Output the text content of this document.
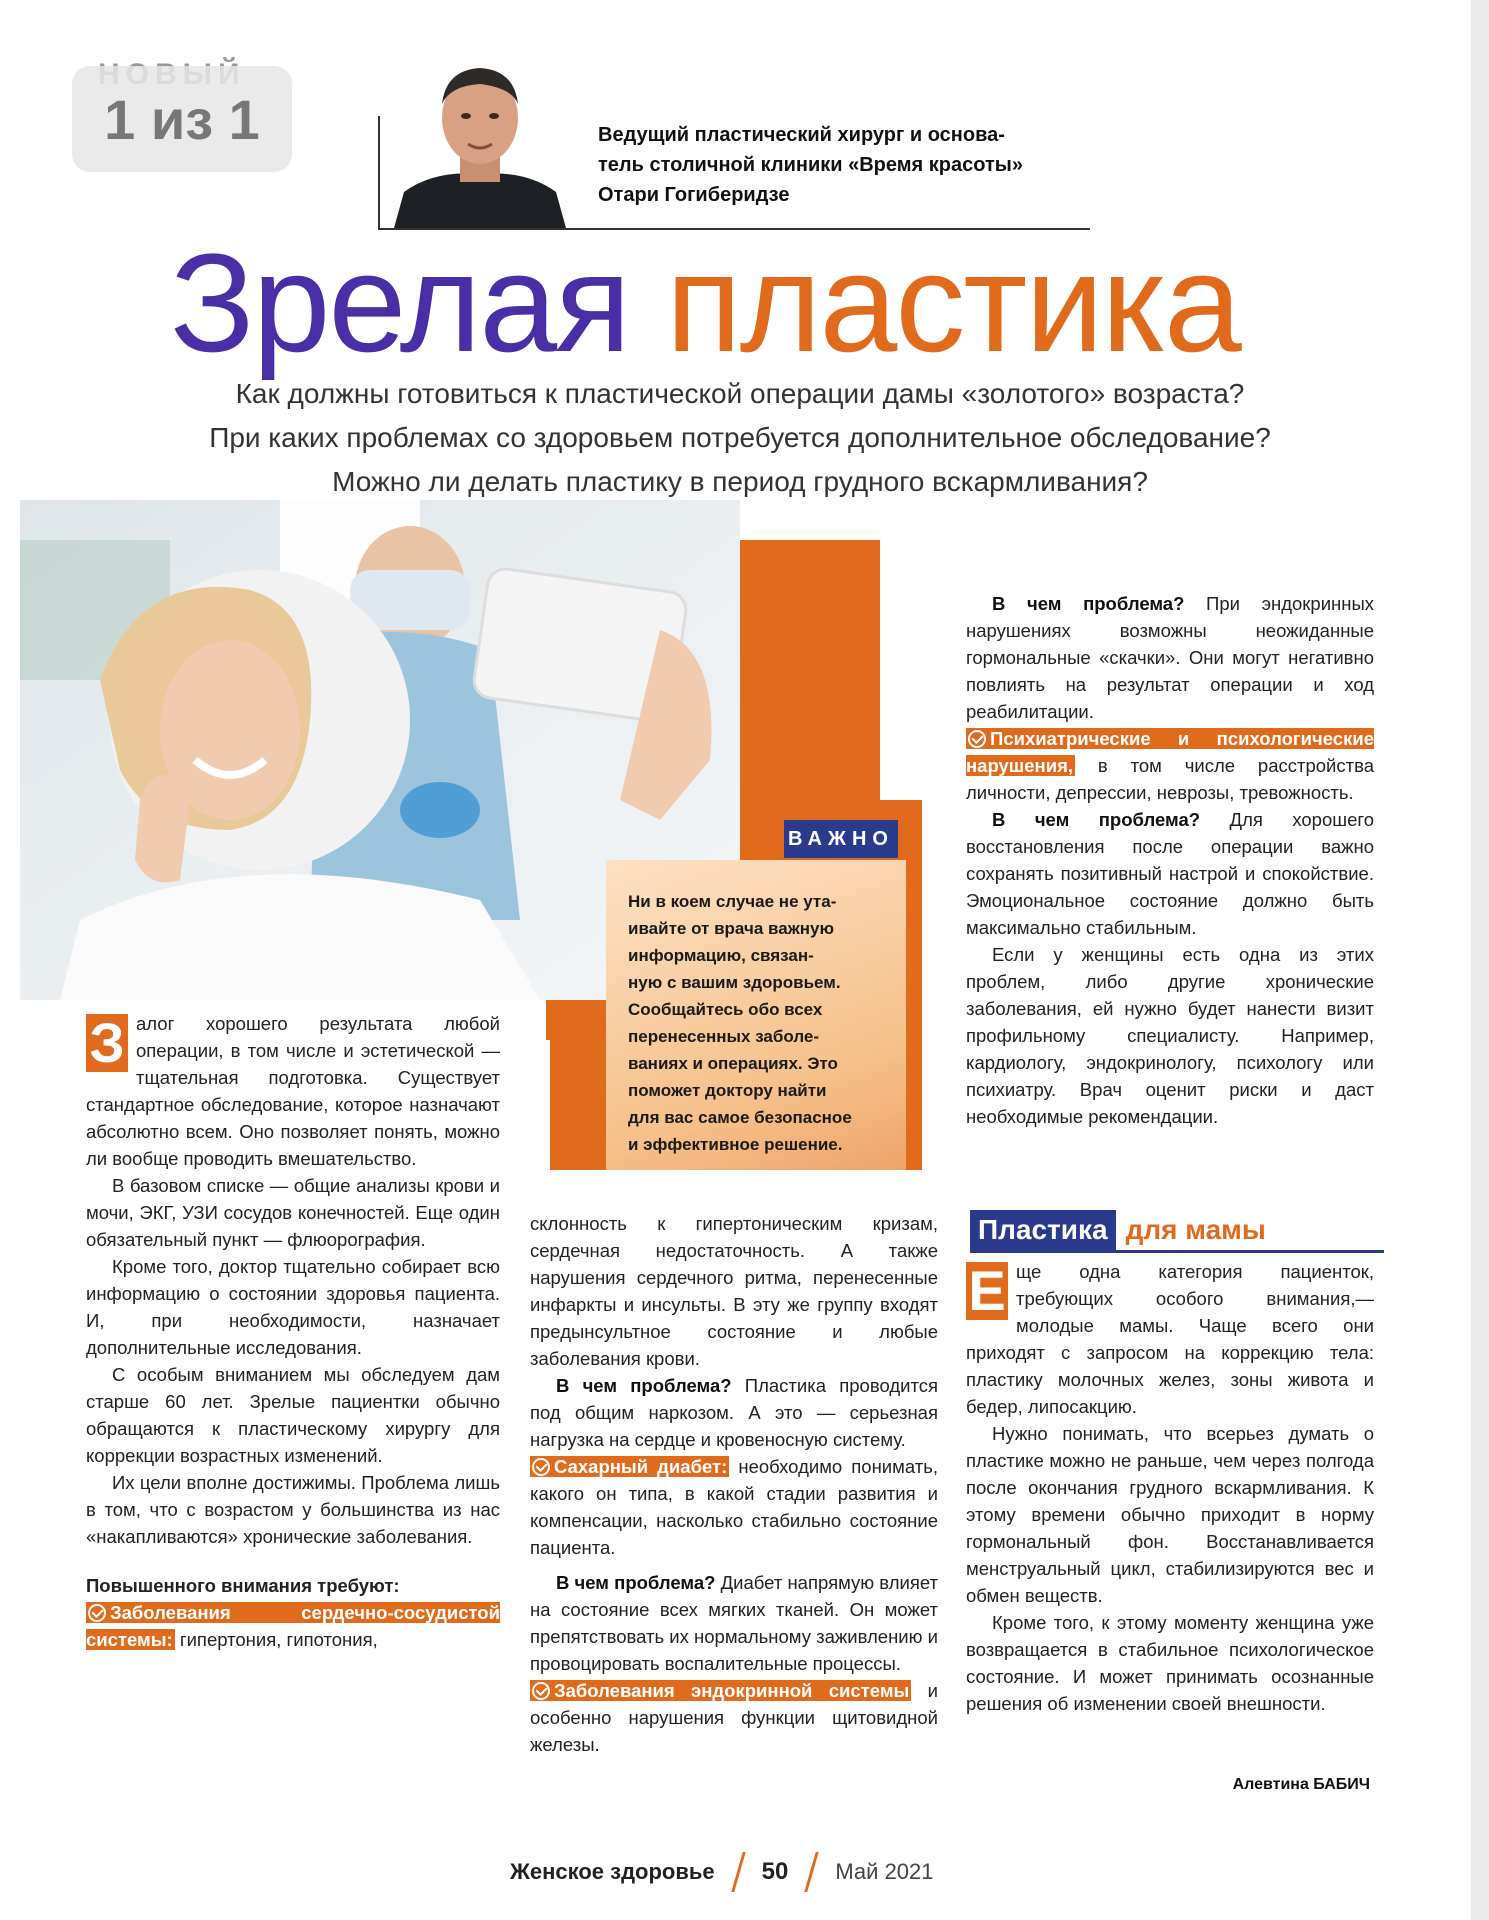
Ведущий пластический хирург и основа-
тель столичной клиники «Время красоты»
Отари Гогиберидзе
Зрелая пластика
Как должны готовиться к пластической операции дамы «золотого» возраста?
При каких проблемах со здоровьем потребуется дополнительное обследование?
Можно ли делать пластику в период грудного вскармливания?
ВАЖНО
Ни в коем случае не ута-
ивайте от врача важную
информацию, связан-
ную с вашим здоровьем.
Сообщайтесь обо всех
перенесенных заболе-
ваниях и операциях. Это
поможет доктору найти
для вас самое безопасное
и эффективное решение.

З алог хорошего результата любой операции, в том числе и эстетической — тщательная подготовка. Существует стандартное обследование, которое назначают абсолютно всем. Оно позволяет понять, можно ли вообще проводить вмешательство.

В базовом списке — общие анализы крови и мочи, ЭКГ, УЗИ сосудов конечностей. Еще один обязательный пункт — флюорография.

Кроме того, доктор тщательно собирает всю информацию о состоянии здоровья пациента. И, при необходимости, назначает дополнительные исследования.

С особым вниманием мы обследуем дам старше 60 лет. Зрелые пациентки обычно обращаются к пластическому хирургу для коррекции возрастных изменений.

Их цели вполне достижимы. Проблема лишь в том, что с возрастом у большинства из нас «накапливаются» хронические заболевания.

Повышенного внимания требуют:

Заболевания сердечно-сосудистой системы: гипертония, гипотония,

склонность к гипертоническим кризам, сердечная недостаточность. А также нарушения сердечного ритма, перенесенные инфаркты и инсульты. В эту же группу входят предынсультное состояние и любые заболевания крови.

В чем проблема? Пластика проводится под общим наркозом. А это — серьезная нагрузка на сердце и кровеносную систему.

Сахарный диабет: необходимо понимать, какого он типа, в какой стадии развития и компенсации, насколько стабильно состояние пациента.

В чем проблема? Диабет напрямую влияет на состояние всех мягких тканей. Он может препятствовать их нормальному заживлению и провоцировать воспалительные процессы.

Заболевания эндокринной системы и особенно нарушения функции щитовидной железы.

В чем проблема? При эндокринных нарушениях возможны неожиданные гормональные «скачки». Они могут негативно повлиять на результат операции и ход реабилитации.

Психиатрические и психологические нарушения, в том числе расстройства личности, депрессии, неврозы, тревожность.

В чем проблема? Для хорошего восстановления после операции важно сохранять позитивный настрой и спокойствие. Эмоциональное состояние должно быть максимально стабильным.

Если у женщины есть одна из этих проблем, либо другие хронические заболевания, ей нужно будет нанести визит профильному специалисту. Например, кардиологу, эндокринологу, психологу или психиатру. Врач оценит риски и даст необходимые рекомендации.

Пластика для мамы

Е ще одна категория пациенток, требующих особого внимания,— молодые мамы. Чаще всего они приходят с запросом на коррекцию тела: пластику молочных желез, зоны живота и бедер, липосакцию.

Нужно понимать, что всерьез думать о пластике можно не раньше, чем через полгода после окончания грудного вскармливания. К этому времени обычно приходит в норму гормональный фон. Восстанавливается менструальный цикл, стабилизируются вес и обмен веществ.

Кроме того, к этому моменту женщина уже возвращается в стабильное психологическое состояние. И может принимать осознанные решения об изменении своей внешности.

Алевтина БАБИЧ
Женское здоровье 50 Май 2021
1 из 1
